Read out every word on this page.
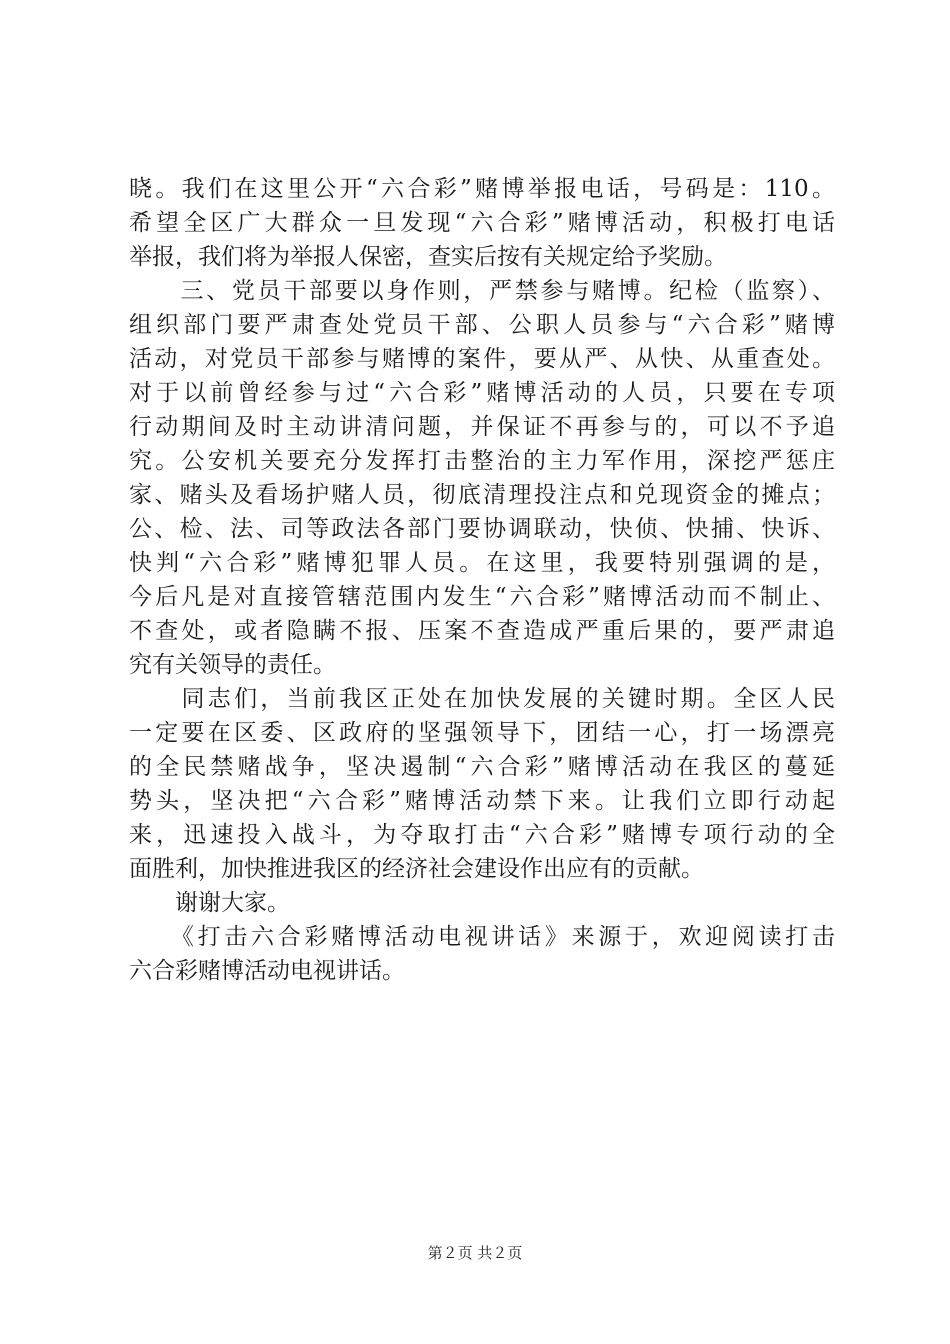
晓。我们在这里公开“六合彩”赌博举报电话，号码是：110。
希望全区广大群众一旦发现“六合彩”赌博活动，积极打电话
举报，我们将为举报人保密，查实后按有关规定给予奖励。
　　三、党员干部要以身作则，严禁参与赌博。纪检（监察）、
组织部门要严肃查处党员干部、公职人员参与“六合彩”赌博
活动，对党员干部参与赌博的案件，要从严、从快、从重查处。
对于以前曾经参与过“六合彩”赌博活动的人员，只要在专项
行动期间及时主动讲清问题，并保证不再参与的，可以不予追
究。公安机关要充分发挥打击整治的主力军作用，深挖严惩庄
家、赌头及看场护赌人员，彻底清理投注点和兑现资金的摊点；
公、检、法、司等政法各部门要协调联动，快侦、快捕、快诉、
快判“六合彩”赌博犯罪人员。在这里，我要特别强调的是，
今后凡是对直接管辖范围内发生“六合彩”赌博活动而不制止、
不查处，或者隐瞒不报、压案不查造成严重后果的，要严肃追
究有关领导的责任。
　　同志们，当前我区正处在加快发展的关键时期。全区人民
一定要在区委、区政府的坚强领导下，团结一心，打一场漂亮
的全民禁赌战争，坚决遏制“六合彩”赌博活动在我区的蔓延
势头，坚决把“六合彩”赌博活动禁下来。让我们立即行动起
来，迅速投入战斗，为夺取打击“六合彩”赌博专项行动的全
面胜利，加快推进我区的经济社会建设作出应有的贡献。
　　谢谢大家。
　　《打击六合彩赌博活动电视讲话》来源于，欢迎阅读打击
六合彩赌博活动电视讲话。
第２页 共２页
